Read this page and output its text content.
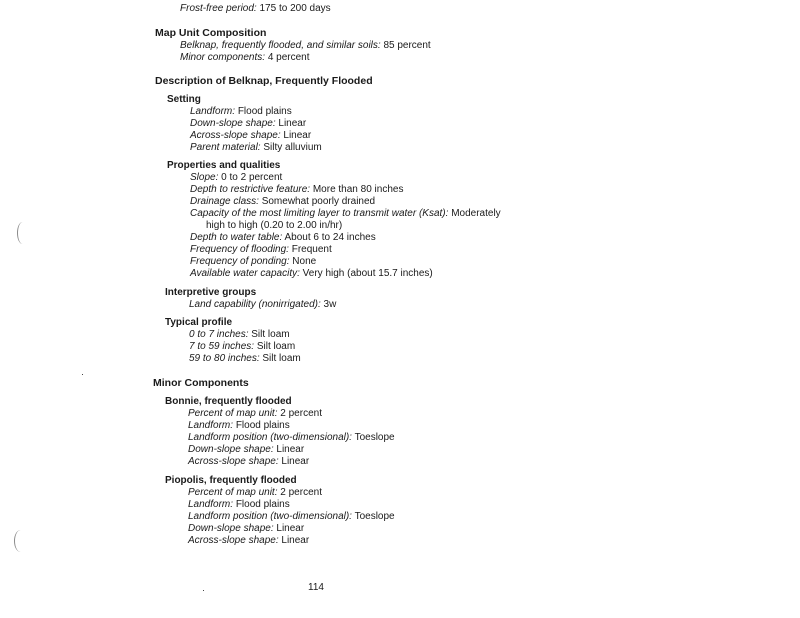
Frost-free period: 175 to 200 days
Map Unit Composition
Belknap, frequently flooded, and similar soils: 85 percent
Minor components: 4 percent
Description of Belknap, Frequently Flooded
Setting
Landform: Flood plains
Down-slope shape: Linear
Across-slope shape: Linear
Parent material: Silty alluvium
Properties and qualities
Slope: 0 to 2 percent
Depth to restrictive feature: More than 80 inches
Drainage class: Somewhat poorly drained
Capacity of the most limiting layer to transmit water (Ksat): Moderately
high to high (0.20 to 2.00 in/hr)
Depth to water table: About 6 to 24 inches
Frequency of flooding: Frequent
Frequency of ponding: None
Available water capacity: Very high (about 15.7 inches)
Interpretive groups
Land capability (nonirrigated): 3w
Typical profile
0 to 7 inches: Silt loam
7 to 59 inches: Silt loam
59 to 80 inches: Silt loam
Minor Components
Bonnie, frequently flooded
Percent of map unit: 2 percent
Landform: Flood plains
Landform position (two-dimensional): Toeslope
Down-slope shape: Linear
Across-slope shape: Linear
Piopolis, frequently flooded
Percent of map unit: 2 percent
Landform: Flood plains
Landform position (two-dimensional): Toeslope
Down-slope shape: Linear
Across-slope shape: Linear
114
